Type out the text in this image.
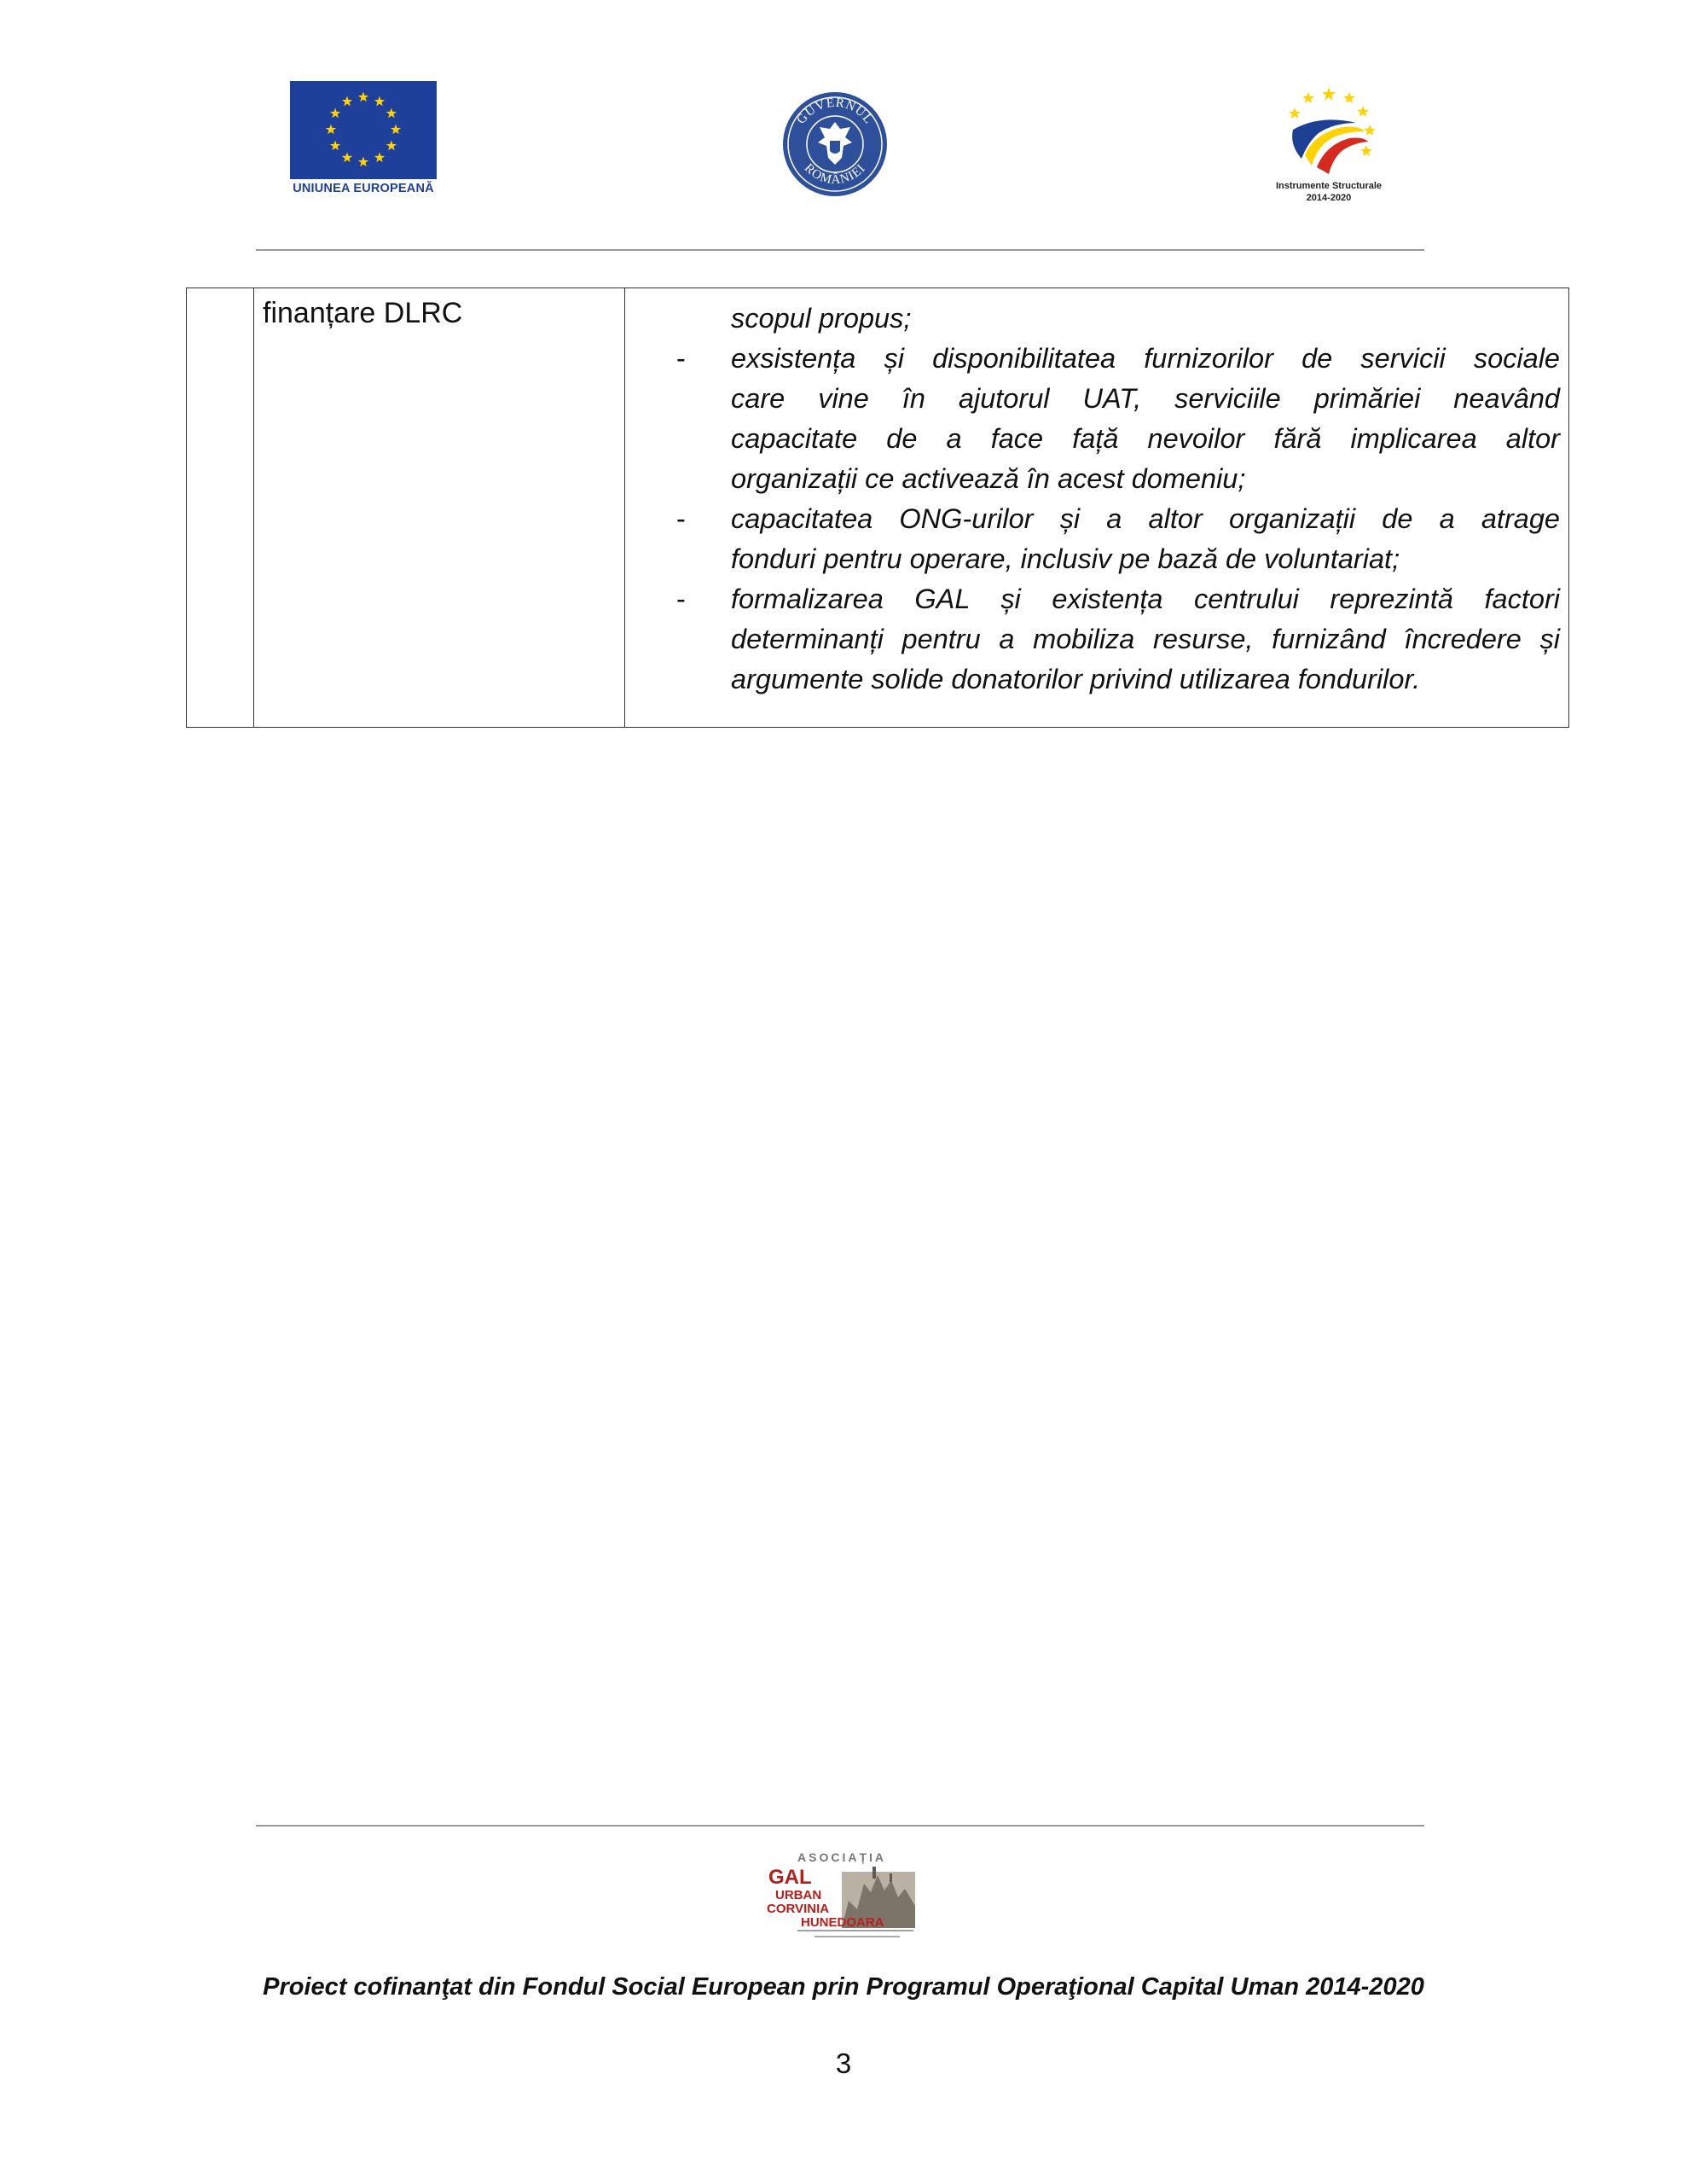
UNIUNEA EUROPEANĂ
GUVERNUL
ROMÂNIEI
Instrumente Structurale
2014-2020

finanțare DLRC	scopul propus;
- exsistența și disponibilitatea furnizorilor de servicii sociale
care vine în ajutorul UAT, serviciile primăriei neavând
capacitate de a face față nevoilor fără implicarea altor
organizații ce activează în acest domeniu;
- capacitatea ONG-urilor și a altor organizații de a atrage
fonduri pentru operare, inclusiv pe bază de voluntariat;
- formalizarea GAL și existența centrului reprezintă factori
determinanți pentru a mobiliza resurse, furnizând încredere și
argumente solide donatorilor privind utilizarea fondurilor.
ASOCIAȚIA
GAL
URBAN
CORVINIA
HUNEDOARA
Proiect cofinanţat din Fondul Social European prin Programul Operaţional Capital Uman 2014-2020
3
